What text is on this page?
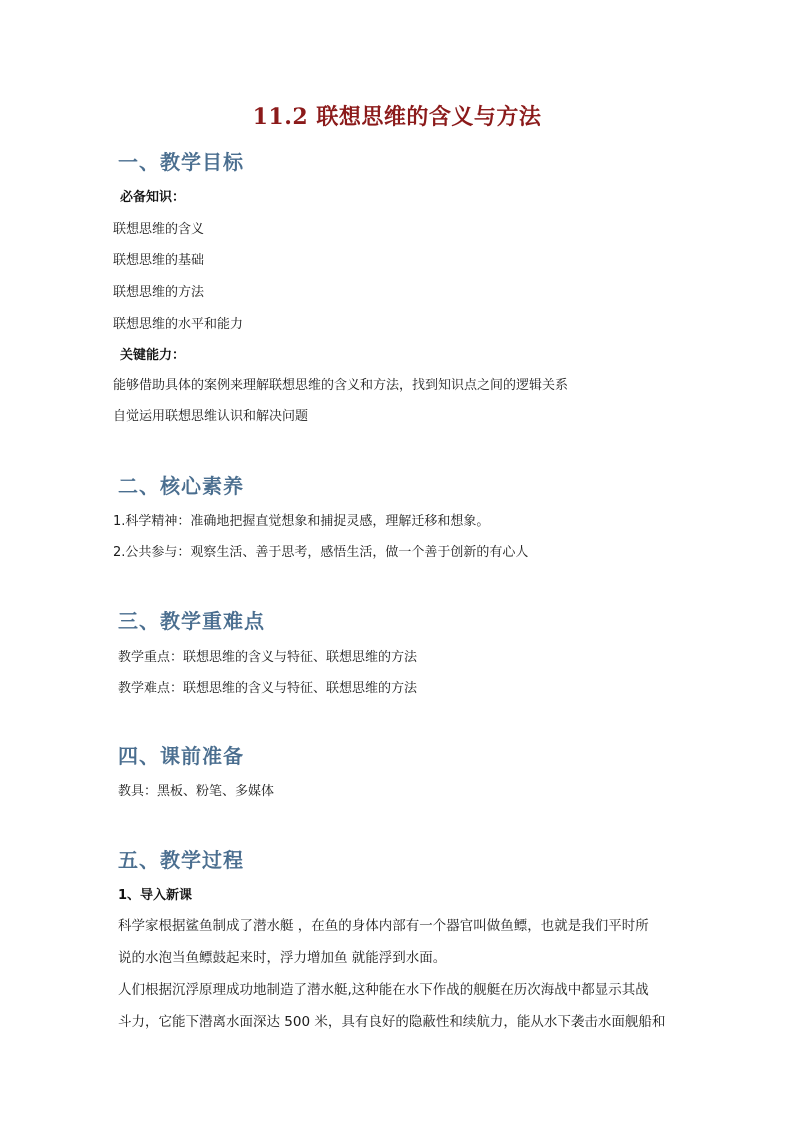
11.2 联想思维的含义与方法
一、教学目标
必备知识：
联想思维的含义
联想思维的基础
联想思维的方法
联想思维的水平和能力
关键能力：
能够借助具体的案例来理解联想思维的含义和方法，找到知识点之间的逻辑关系
自觉运用联想思维认识和解决问题
二、核心素养
1.科学精神：准确地把握直觉想象和捕捉灵感，理解迁移和想象。
2.公共参与：观察生活、善于思考，感悟生活，做一个善于创新的有心人
三、教学重难点
教学重点：联想思维的含义与特征、联想思维的方法
教学难点：联想思维的含义与特征、联想思维的方法
四、课前准备
教具：黑板、粉笔、多媒体
五、教学过程
1、导入新课
科学家根据鲨鱼制成了潜水艇 ，在鱼的身体内部有一个器官叫做鱼鳔，也就是我们平时所
说的水泡当鱼鳔鼓起来时，浮力增加鱼 就能浮到水面。
人们根据沉浮原理成功地制造了潜水艇,这种能在水下作战的舰艇在历次海战中都显示其战
斗力，它能下潜离水面深达 500 米，具有良好的隐蔽性和续航力，能从水下袭击水面舰船和
